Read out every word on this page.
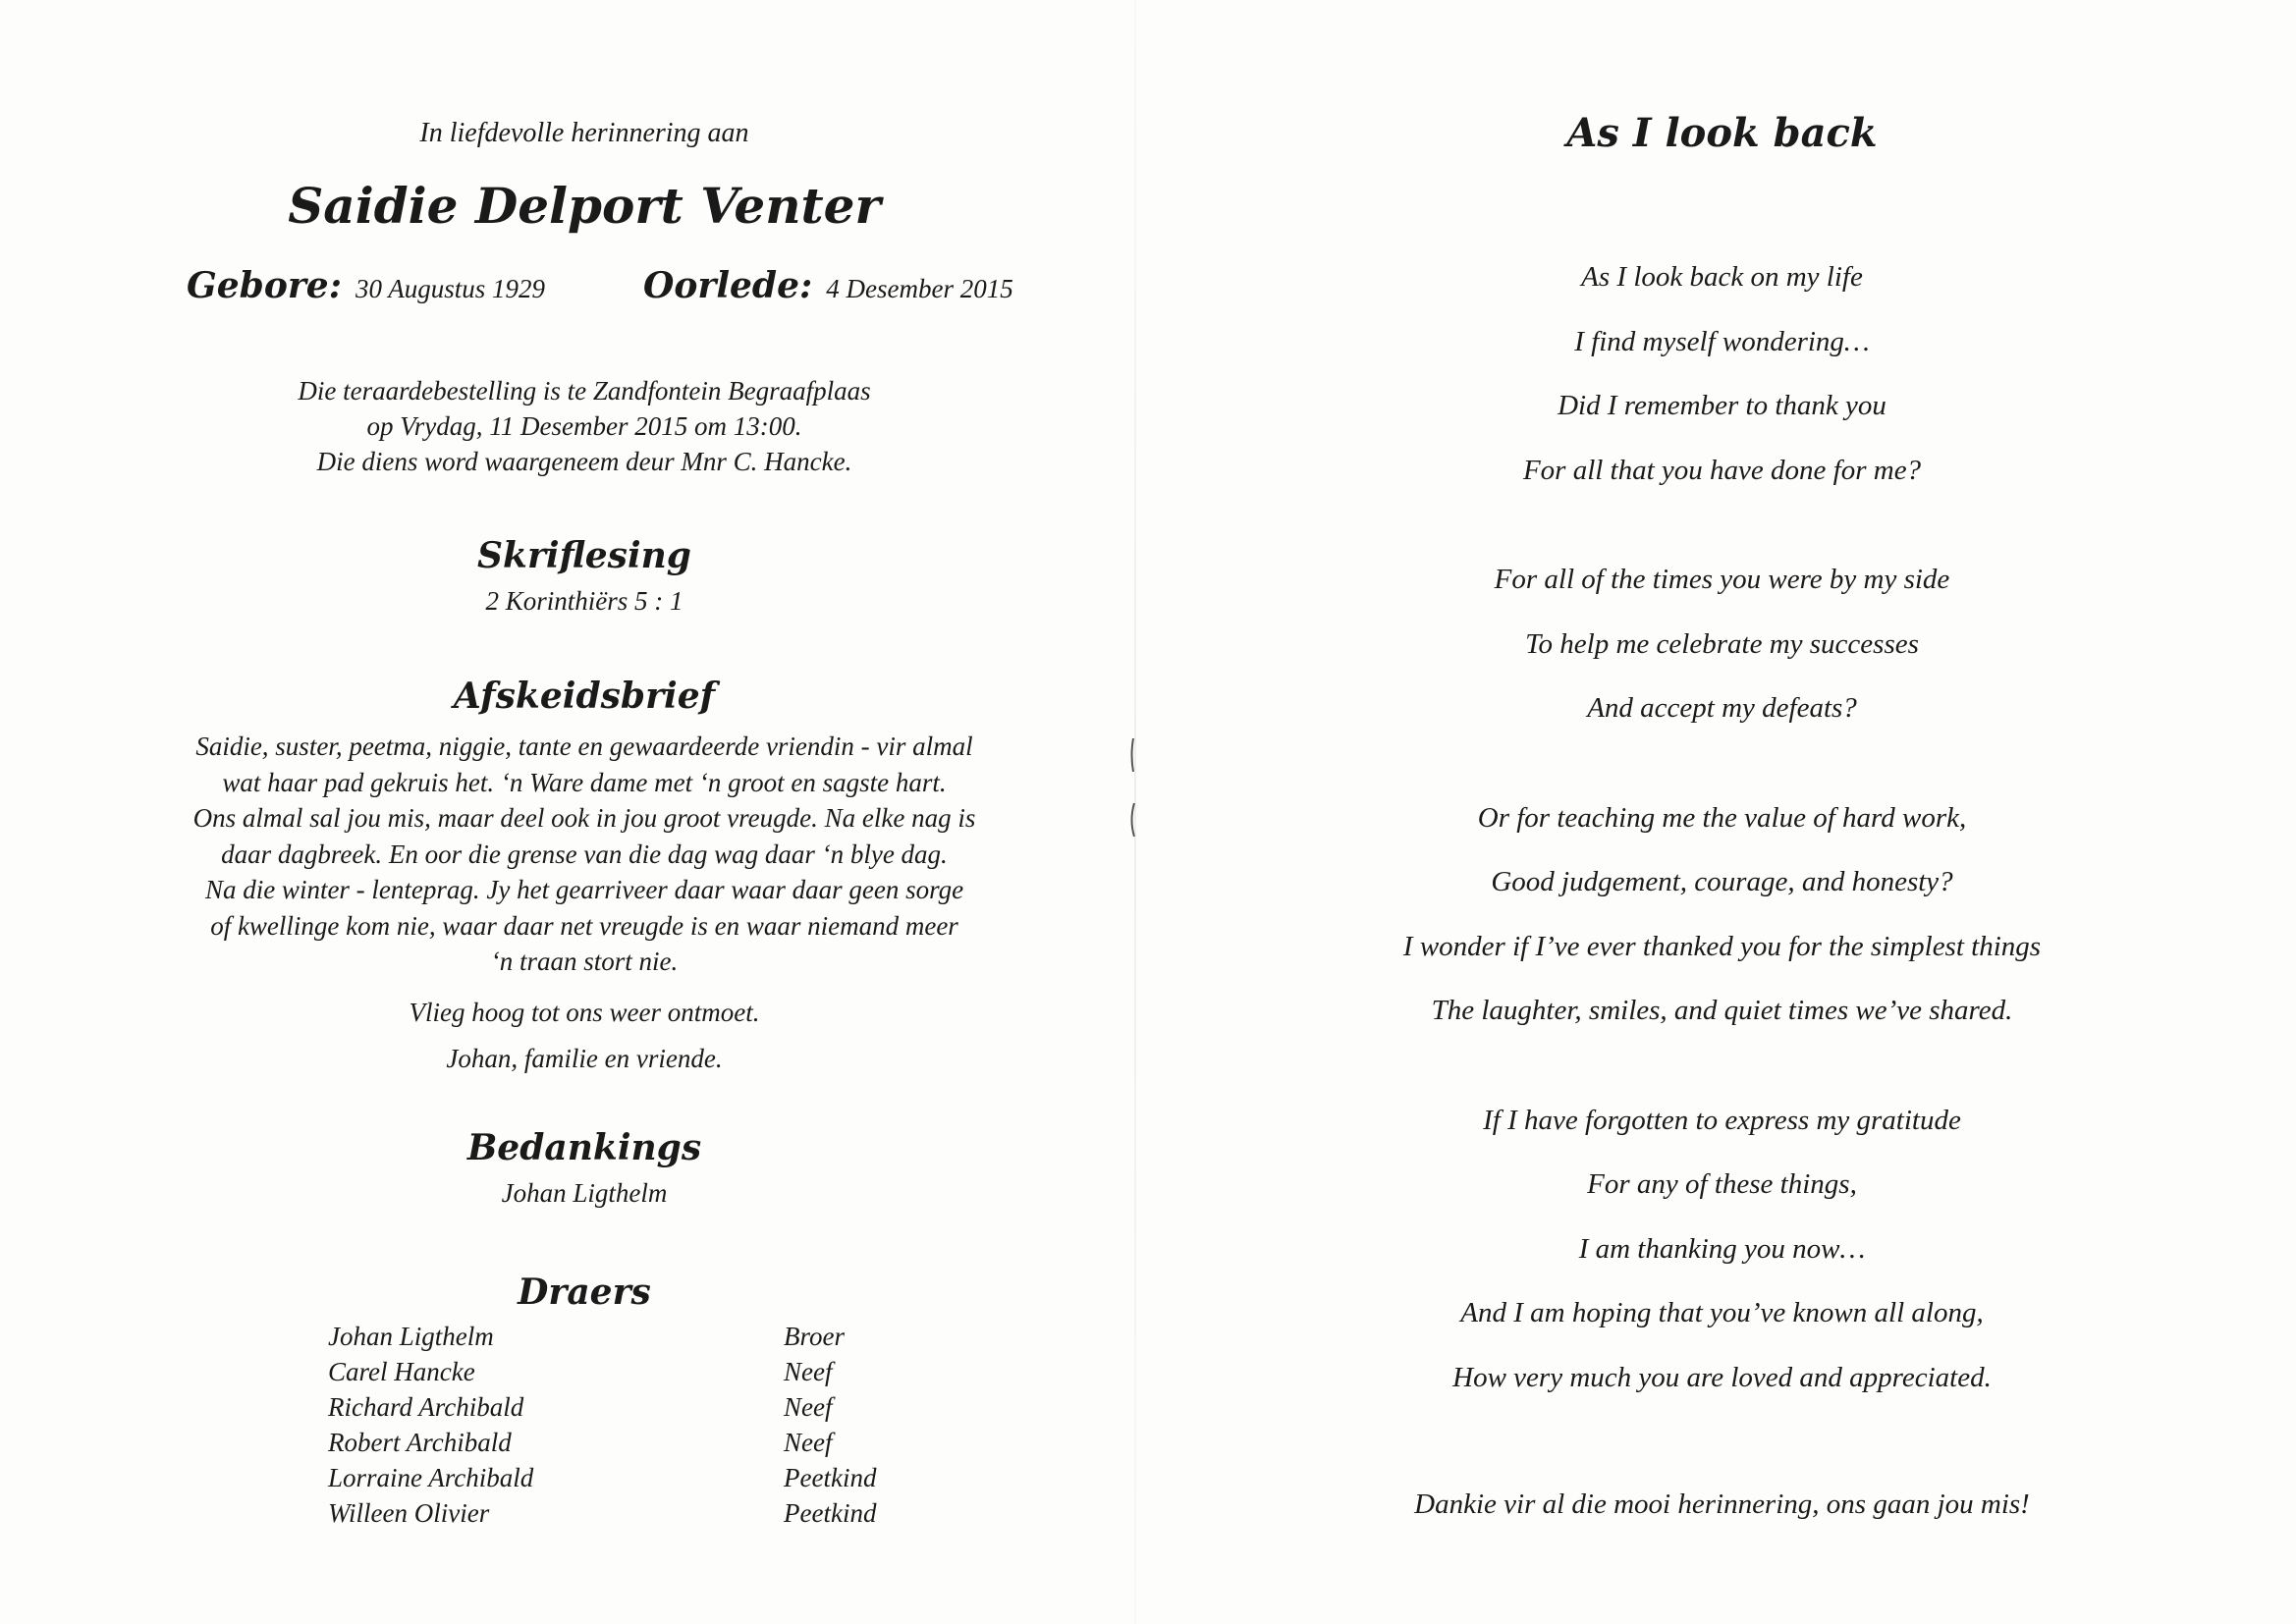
In liefdevolle herinnering aan
Saidie Delport Venter
Gebore: 30 Augustus 1929	Oorlede: 4 Desember 2015
Die teraardebestelling is te Zandfontein Begraafplaas
op Vrydag, 11 Desember 2015 om 13:00.
Die diens word waargeneem deur Mnr C. Hancke.
Skriflesing
2 Korinthiërs 5 : 1
Afskeidsbrief
Saidie, suster, peetma, niggie, tante en gewaardeerde vriendin - vir almal
wat haar pad gekruis het. ‘n Ware dame met ‘n groot en sagste hart.
Ons almal sal jou mis, maar deel ook in jou groot vreugde. Na elke nag is
daar dagbreek. En oor die grense van die dag wag daar ‘n blye dag.
Na die winter - lenteprag. Jy het gearriveer daar waar daar geen sorge
of kwellinge kom nie, waar daar net vreugde is en waar niemand meer
‘n traan stort nie.
Vlieg hoog tot ons weer ontmoet.
Johan, familie en vriende.
Bedankings
Johan Ligthelm
Draers
Johan Ligthelm	Broer
Carel Hancke	Neef
Richard Archibald	Neef
Robert Archibald	Neef
Lorraine Archibald	Peetkind
Willeen Olivier	Peetkind
As I look back
As I look back on my life
I find myself wondering…
Did I remember to thank you
For all that you have done for me?
For all of the times you were by my side
To help me celebrate my successes
And accept my defeats?
Or for teaching me the value of hard work,
Good judgement, courage, and honesty?
I wonder if I’ve ever thanked you for the simplest things
The laughter, smiles, and quiet times we’ve shared.
If I have forgotten to express my gratitude
For any of these things,
I am thanking you now…
And I am hoping that you’ve known all along,
How very much you are loved and appreciated.
Dankie vir al die mooi herinnering, ons gaan jou mis!
